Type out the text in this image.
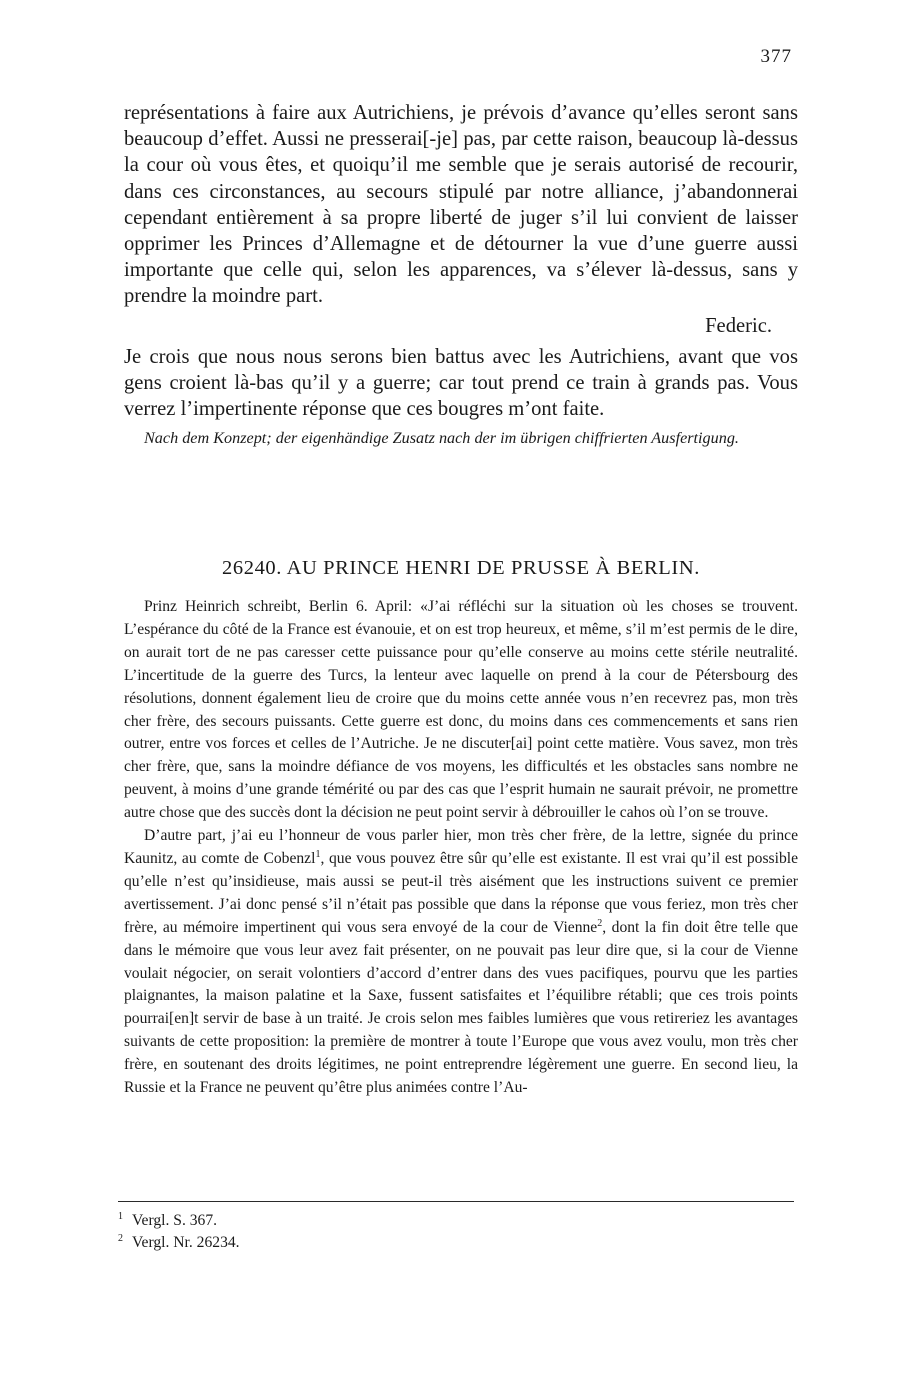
377

représentations à faire aux Autrichiens, je prévois d’avance qu’elles seront sans beaucoup d’effet. Aussi ne presserai[-je] pas, par cette raison, beaucoup là-dessus la cour où vous êtes, et quoiqu’il me semble que je serais autorisé de recourir, dans ces circonstances, au secours stipulé par notre alliance, j’abandonnerai cependant entièrement à sa propre liberté de juger s’il lui convient de laisser opprimer les Princes d’Allemagne et de détourner la vue d’une guerre aussi importante que celle qui, selon les apparences, va s’élever là-dessus, sans y prendre la moindre part.

Federic.

Je crois que nous nous serons bien battus avec les Autrichiens, avant que vos gens croient là-bas qu’il y a guerre; car tout prend ce train à grands pas. Vous verrez l’impertinente réponse que ces bougres m’ont faite.

Nach dem Konzept; der eigenhändige Zusatz nach der im übrigen chiffrierten Ausfertigung.
26240. AU PRINCE HENRI DE PRUSSE À BERLIN.

Prinz Heinrich schreibt, Berlin 6. April: «J’ai réfléchi sur la situation où les choses se trouvent. L’espérance du côté de la France est évanouie, et on est trop heureux, et même, s’il m’est permis de le dire, on aurait tort de ne pas caresser cette puissance pour qu’elle conserve au moins cette stérile neutralité. L’incertitude de la guerre des Turcs, la lenteur avec laquelle on prend à la cour de Pétersbourg des résolutions, donnent également lieu de croire que du moins cette année vous n’en recevrez pas, mon très cher frère, des secours puissants. Cette guerre est donc, du moins dans ces commencements et sans rien outrer, entre vos forces et celles de l’Autriche. Je ne discuter[ai] point cette matière. Vous savez, mon très cher frère, que, sans la moindre défiance de vos moyens, les difficultés et les obstacles sans nombre ne peuvent, à moins d’une grande témérité ou par des cas que l’esprit humain ne saurait prévoir, ne promettre autre chose que des succès dont la décision ne peut point servir à débrouiller le cahos où l’on se trouve.

D’autre part, j’ai eu l’honneur de vous parler hier, mon très cher frère, de la lettre, signée du prince Kaunitz, au comte de Cobenzl$^1$, que vous pouvez être sûr qu’elle est existante. Il est vrai qu’il est possible qu’elle n’est qu’insidieuse, mais aussi se peut-il très aisément que les instructions suivent ce premier avertissement. J’ai donc pensé s’il n’était pas possible que dans la réponse que vous feriez, mon très cher frère, au mémoire impertinent qui vous sera envoyé de la cour de Vienne$^2$, dont la fin doit être telle que dans le mémoire que vous leur avez fait présenter, on ne pouvait pas leur dire que, si la cour de Vienne voulait négocier, on serait volontiers d’accord d’entrer dans des vues pacifiques, pourvu que les parties plaignantes, la maison palatine et la Saxe, fussent satisfaites et l’équilibre rétabli; que ces trois points pourrai[en]t servir de base à un traité. Je crois selon mes faibles lumières que vous retireriez les avantages suivants de cette proposition: la première de montrer à toute l’Europe que vous avez voulu, mon très cher frère, en soutenant des droits légitimes, ne point entreprendre légèrement une guerre. En second lieu, la Russie et la France ne peuvent qu’être plus animées contre l’Au-

$^1$ Vergl. S. 367.
$^2$ Vergl. Nr. 26234.
